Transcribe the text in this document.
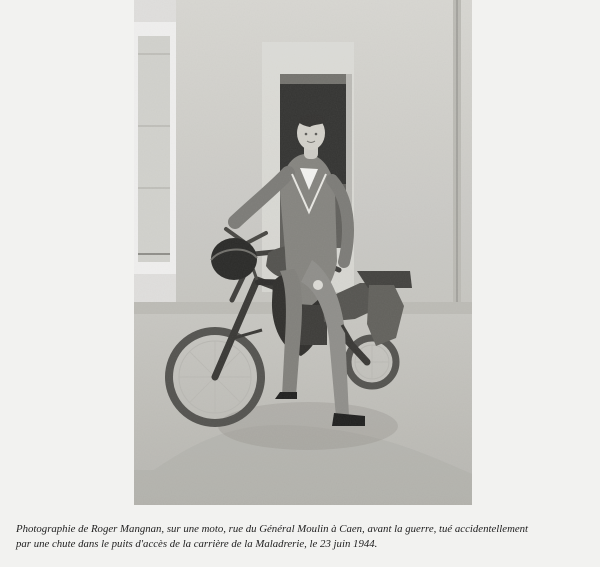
Photographie de Roger Mangnan, sur une moto, rue du Général Moulin à Caen, avant la guerre, tué accidentellement
par une chute dans le puits d'accès de la carrière de la Maladrerie, le 23 juin 1944.
